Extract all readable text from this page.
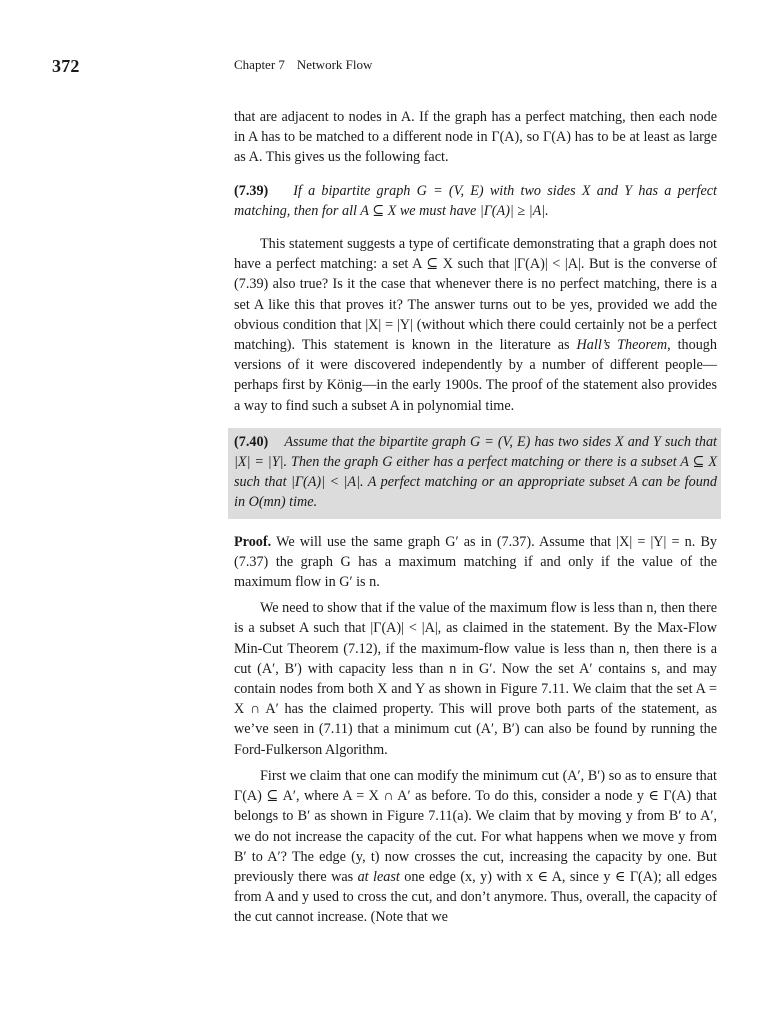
372	Chapter 7 Network Flow

that are adjacent to nodes in A. If the graph has a perfect matching, then each node in A has to be matched to a different node in Γ(A), so Γ(A) has to be at least as large as A. This gives us the following fact.

(7.39) If a bipartite graph G = (V, E) with two sides X and Y has a perfect matching, then for all A ⊆ X we must have |Γ(A)| ≥ |A|.

This statement suggests a type of certificate demonstrating that a graph does not have a perfect matching: a set A ⊆ X such that |Γ(A)| < |A|. But is the converse of (7.39) also true? Is it the case that whenever there is no perfect matching, there is a set A like this that proves it? The answer turns out to be yes, provided we add the obvious condition that |X| = |Y| (without which there could certainly not be a perfect matching). This statement is known in the literature as Hall’s Theorem, though versions of it were discovered independently by a number of different people—perhaps first by König—in the early 1900s. The proof of the statement also provides a way to find such a subset A in polynomial time.

(7.40) Assume that the bipartite graph G = (V, E) has two sides X and Y such that |X| = |Y|. Then the graph G either has a perfect matching or there is a subset A ⊆ X such that |Γ(A)| < |A|. A perfect matching or an appropriate subset A can be found in O(mn) time.

Proof. We will use the same graph G′ as in (7.37). Assume that |X| = |Y| = n. By (7.37) the graph G has a maximum matching if and only if the value of the maximum flow in G′ is n.

We need to show that if the value of the maximum flow is less than n, then there is a subset A such that |Γ(A)| < |A|, as claimed in the statement. By the Max-Flow Min-Cut Theorem (7.12), if the maximum-flow value is less than n, then there is a cut (A′, B′) with capacity less than n in G′. Now the set A′ contains s, and may contain nodes from both X and Y as shown in Figure 7.11. We claim that the set A = X ∩ A′ has the claimed property. This will prove both parts of the statement, as we’ve seen in (7.11) that a minimum cut (A′, B′) can also be found by running the Ford-Fulkerson Algorithm.

First we claim that one can modify the minimum cut (A′, B′) so as to ensure that Γ(A) ⊆ A′, where A = X ∩ A′ as before. To do this, consider a node y ∈ Γ(A) that belongs to B′ as shown in Figure 7.11(a). We claim that by moving y from B′ to A′, we do not increase the capacity of the cut. For what happens when we move y from B′ to A′? The edge (y, t) now crosses the cut, increasing the capacity by one. But previously there was at least one edge (x, y) with x ∈ A, since y ∈ Γ(A); all edges from A and y used to cross the cut, and don’t anymore. Thus, overall, the capacity of the cut cannot increase. (Note that we
